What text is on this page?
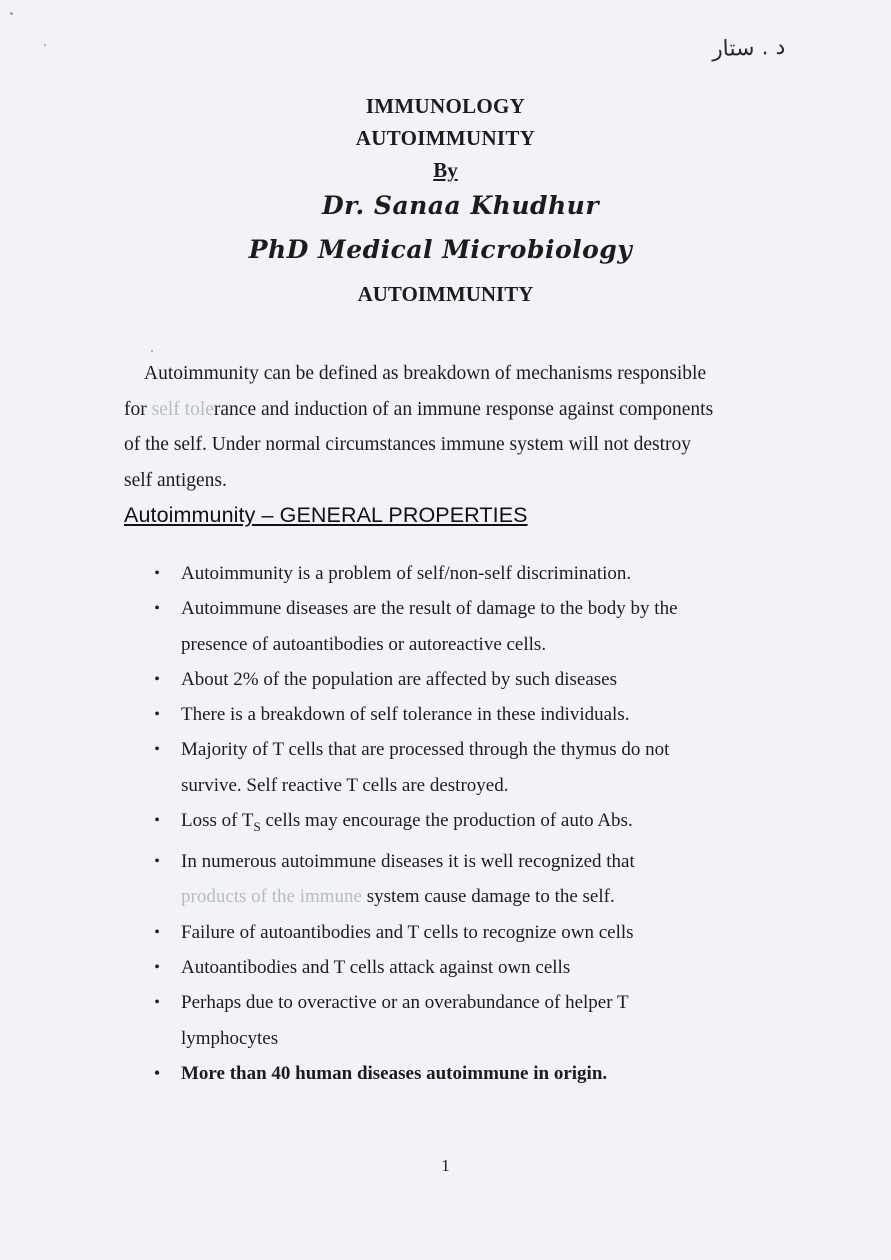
د . ستار
IMMUNOLOGY
AUTOIMMUNITY
By
Dr. Sanaa Khudhur
PhD Medical Microbiology
AUTOIMMUNITY
Autoimmunity can be defined as breakdown of mechanisms responsible
for self tolerance and induction of an immune response against components
of the self. Under normal circumstances immune system will not destroy
self antigens.
Autoimmunity – GENERAL PROPERTIES
• Autoimmunity is a problem of self/non-self discrimination.
• Autoimmune diseases are the result of damage to the body by the
presence of autoantibodies or autoreactive cells.
• About 2% of the population are affected by such diseases
• There is a breakdown of self tolerance in these individuals.
• Majority of T cells that are processed through the thymus do not
survive. Self reactive T cells are destroyed.
• Loss of $T_S$ cells may encourage the production of auto Abs.
• In numerous autoimmune diseases it is well recognized that
products of the immune system cause damage to the self.
• Failure of autoantibodies and T cells to recognize own cells
• Autoantibodies and T cells attack against own cells
• Perhaps due to overactive or an overabundance of helper T
lymphocytes
• More than 40 human diseases autoimmune in origin.
1
